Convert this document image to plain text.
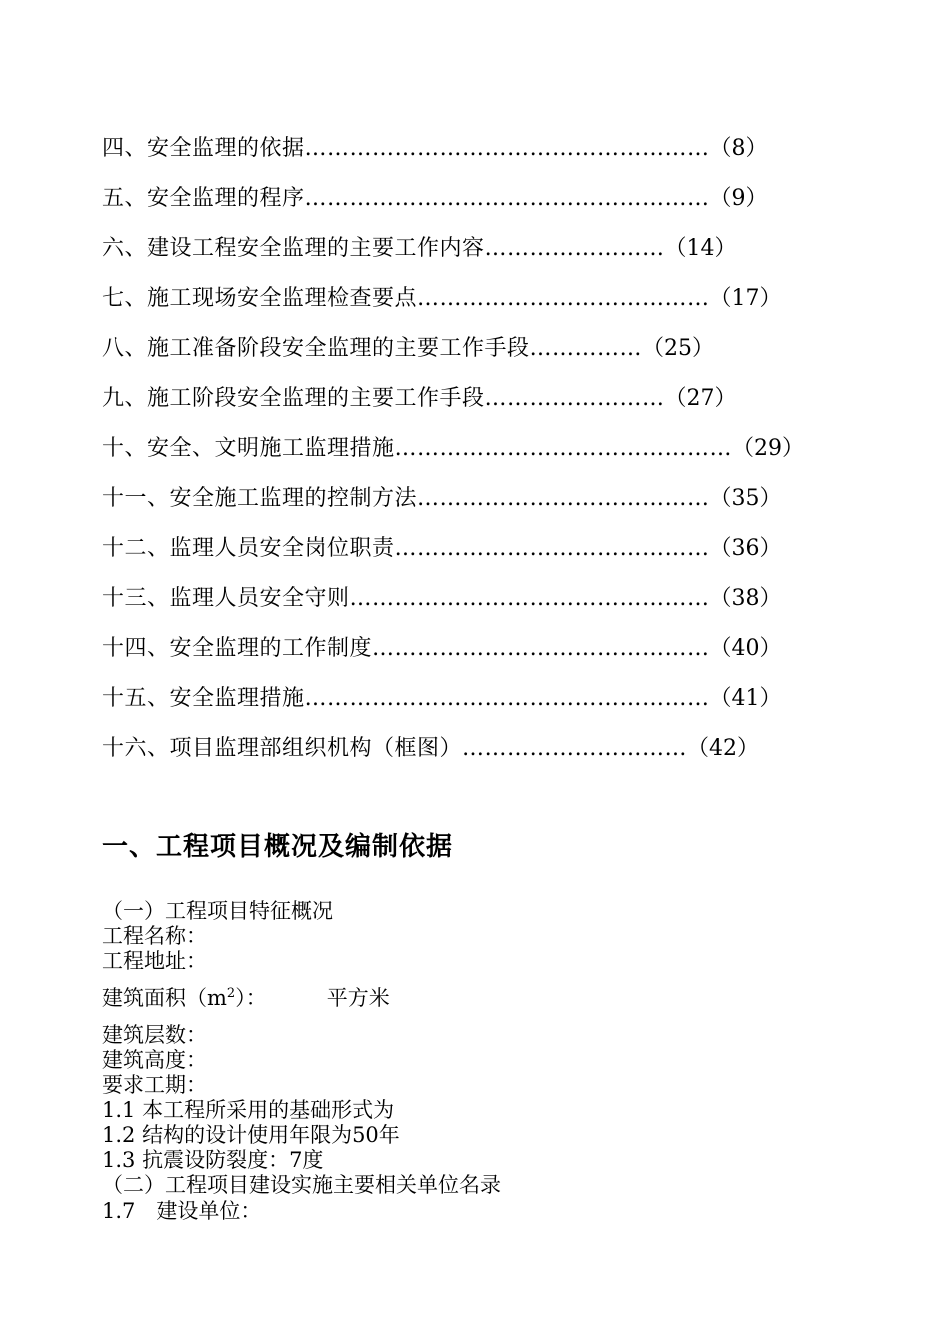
四、安全监理的依据………………………………………………（8）
五、安全监理的程序………………………………………………（9）
六、建设工程安全监理的主要工作内容……………………（14）
七、施工现场安全监理检查要点…………………………………（17）
八、施工准备阶段安全监理的主要工作手段……………（25）
九、施工阶段安全监理的主要工作手段……………………（27）
十、安全、文明施工监理措施………………………………………（29）
十一、安全施工监理的控制方法…………………………………（35）
十二、监理人员安全岗位职责……………………………………（36）
十三、监理人员安全守则…………………………………………（38）
十四、安全监理的工作制度………………………………………（40）
十五、安全监理措施………………………………………………（41）
十六、项目监理部组织机构（框图）…………………………（42）
一、工程项目概况及编制依据
（一）工程项目特征概况
工程名称：
工程地址：
建筑面积$(m^2)$：	平方米
建筑层数：
建筑高度：
要求工期：
1.1 本工程所采用的基础形式为
1.2 结构的设计使用年限为50年
1.3 抗震设防裂度：7度
（二）工程项目建设实施主要相关单位名录
1.7　建设单位：
